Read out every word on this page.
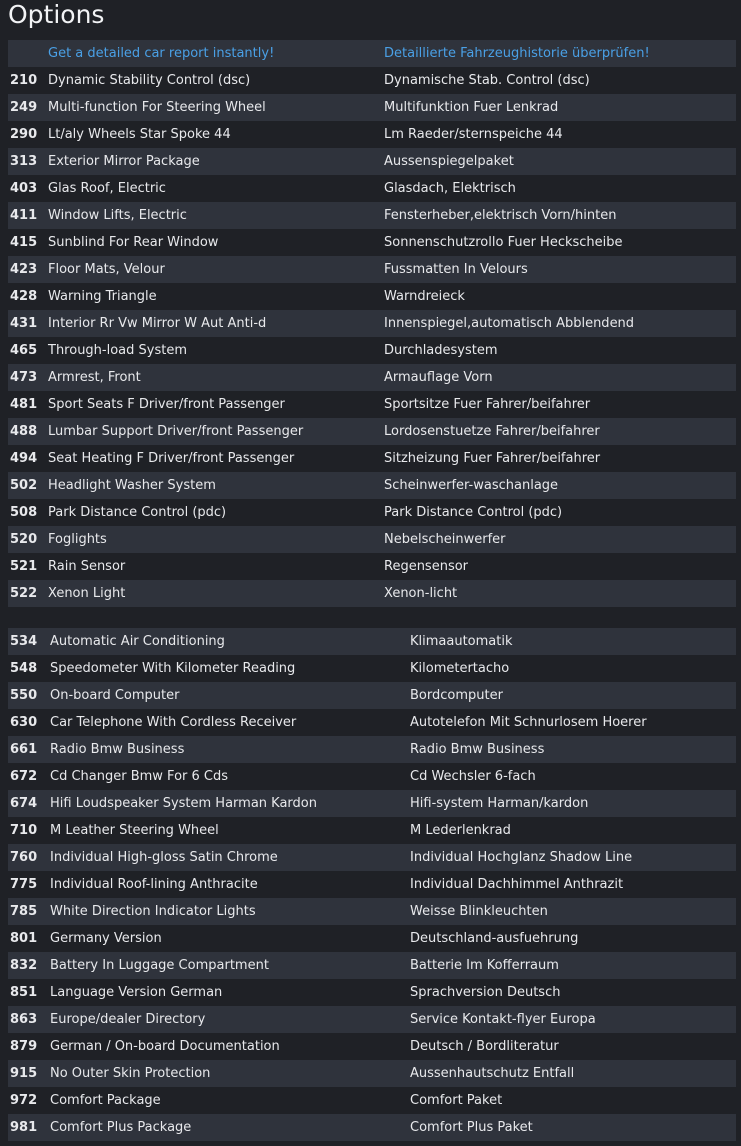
Options
Get a detailed car report instantly!	Detaillierte Fahrzeughistorie überprüfen!
210 Dynamic Stability Control (dsc)	Dynamische Stab. Control (dsc)
249 Multi-function For Steering Wheel	Multifunktion Fuer Lenkrad
290 Lt/aly Wheels Star Spoke 44	Lm Raeder/sternspeiche 44
313 Exterior Mirror Package	Aussenspiegelpaket
403 Glas Roof, Electric	Glasdach, Elektrisch
411 Window Lifts, Electric	Fensterheber,elektrisch Vorn/hinten
415 Sunblind For Rear Window	Sonnenschutzrollo Fuer Heckscheibe
423 Floor Mats, Velour	Fussmatten In Velours
428 Warning Triangle	Warndreieck
431 Interior Rr Vw Mirror W Aut Anti-d	Innenspiegel,automatisch Abblendend
465 Through-load System	Durchladesystem
473 Armrest, Front	Armauflage Vorn
481 Sport Seats F Driver/front Passenger	Sportsitze Fuer Fahrer/beifahrer
488 Lumbar Support Driver/front Passenger	Lordosenstuetze Fahrer/beifahrer
494 Seat Heating F Driver/front Passenger	Sitzheizung Fuer Fahrer/beifahrer
502 Headlight Washer System	Scheinwerfer-waschanlage
508 Park Distance Control (pdc)	Park Distance Control (pdc)
520 Foglights	Nebelscheinwerfer
521 Rain Sensor	Regensensor
522 Xenon Light	Xenon-licht
534 Automatic Air Conditioning	Klimaautomatik
548 Speedometer With Kilometer Reading	Kilometertacho
550 On-board Computer	Bordcomputer
630 Car Telephone With Cordless Receiver	Autotelefon Mit Schnurlosem Hoerer
661 Radio Bmw Business	Radio Bmw Business
672 Cd Changer Bmw For 6 Cds	Cd Wechsler 6-fach
674 Hifi Loudspeaker System Harman Kardon	Hifi-system Harman/kardon
710 M Leather Steering Wheel	M Lederlenkrad
760 Individual High-gloss Satin Chrome	Individual Hochglanz Shadow Line
775 Individual Roof-lining Anthracite	Individual Dachhimmel Anthrazit
785 White Direction Indicator Lights	Weisse Blinkleuchten
801 Germany Version	Deutschland-ausfuehrung
832 Battery In Luggage Compartment	Batterie Im Kofferraum
851 Language Version German	Sprachversion Deutsch
863 Europe/dealer Directory	Service Kontakt-flyer Europa
879 German / On-board Documentation	Deutsch / Bordliteratur
915 No Outer Skin Protection	Aussenhautschutz Entfall
972 Comfort Package	Comfort Paket
981 Comfort Plus Package	Comfort Plus Paket
